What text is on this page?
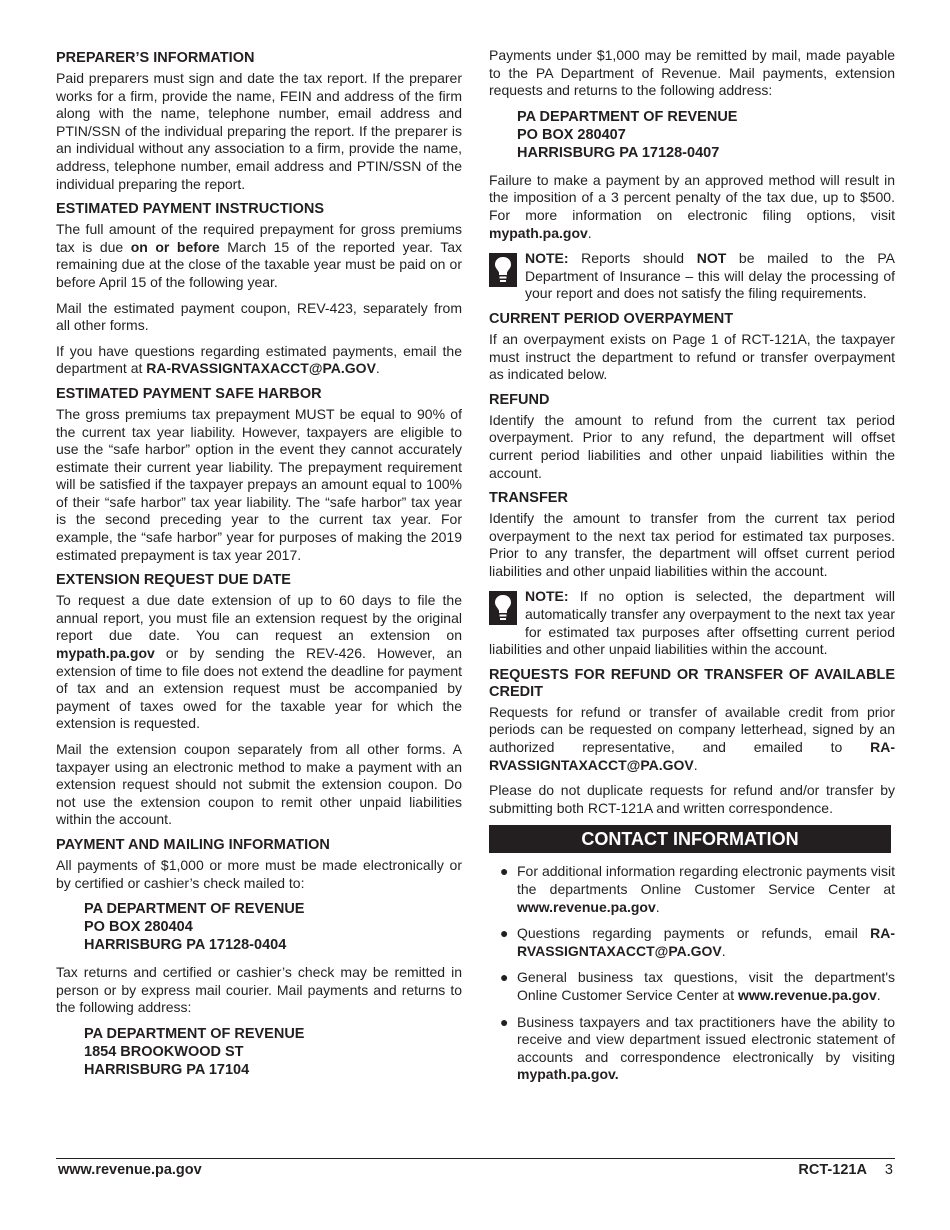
PREPARER’S INFORMATION

Paid preparers must sign and date the tax report. If the preparer works for a firm, provide the name, FEIN and address of the firm along with the name, telephone number, email address and PTIN/SSN of the individual preparing the report. If the preparer is an individual without any association to a firm, provide the name, address, telephone number, email address and PTIN/SSN of the individual preparing the report.

ESTIMATED PAYMENT INSTRUCTIONS

The full amount of the required prepayment for gross premiums tax is due on or before March 15 of the reported year. Tax remaining due at the close of the taxable year must be paid on or before April 15 of the following year.

Mail the estimated payment coupon, REV-423, separately from all other forms.

If you have questions regarding estimated payments, email the department at RA-RVASSIGNTAXACCT@PA.GOV.

ESTIMATED PAYMENT SAFE HARBOR

The gross premiums tax prepayment MUST be equal to 90% of the current tax year liability. However, taxpayers are eligible to use the “safe harbor” option in the event they cannot accurately estimate their current year liability. The prepayment requirement will be satisfied if the taxpayer prepays an amount equal to 100% of their “safe harbor” tax year liability. The “safe harbor” tax year is the second preceding year to the current tax year. For example, the “safe harbor” year for purposes of making the 2019 estimated prepayment is tax year 2017.

EXTENSION REQUEST DUE DATE

To request a due date extension of up to 60 days to file the annual report, you must file an extension request by the original report due date. You can request an extension on mypath.pa.gov or by sending the REV-426. However, an extension of time to file does not extend the deadline for payment of tax and an extension request must be accompanied by payment of taxes owed for the taxable year for which the extension is requested.

Mail the extension coupon separately from all other forms. A taxpayer using an electronic method to make a payment with an extension request should not submit the extension coupon. Do not use the extension coupon to remit other unpaid liabilities within the account.

PAYMENT AND MAILING INFORMATION

All payments of $1,000 or more must be made electronically or by certified or cashier’s check mailed to:

PA DEPARTMENT OF REVENUE
PO BOX 280404
HARRISBURG PA 17128-0404

Tax returns and certified or cashier’s check may be remitted in person or by express mail courier. Mail payments and returns to the following address:

PA DEPARTMENT OF REVENUE
1854 BROOKWOOD ST
HARRISBURG PA 17104

Payments under $1,000 may be remitted by mail, made payable to the PA Department of Revenue. Mail payments, extension requests and returns to the following address:

PA DEPARTMENT OF REVENUE
PO BOX 280407
HARRISBURG PA 17128-0407

Failure to make a payment by an approved method will result in the imposition of a 3 percent penalty of the tax due, up to $500. For more information on electronic filing options, visit mypath.pa.gov.

NOTE: Reports should NOT be mailed to the PA Department of Insurance – this will delay the processing of your report and does not satisfy the filing requirements.

CURRENT PERIOD OVERPAYMENT

If an overpayment exists on Page 1 of RCT-121A, the taxpayer must instruct the department to refund or transfer overpayment as indicated below.

REFUND

Identify the amount to refund from the current tax period overpayment. Prior to any refund, the department will offset current period liabilities and other unpaid liabilities within the account.

TRANSFER

Identify the amount to transfer from the current tax period overpayment to the next tax period for estimated tax purposes. Prior to any transfer, the department will offset current period liabilities and other unpaid liabilities within the account.

NOTE: If no option is selected, the department will automatically transfer any overpayment to the next tax year for estimated tax purposes after offsetting current period liabilities and other unpaid liabilities within the account.

REQUESTS FOR REFUND OR TRANSFER OF AVAILABLE CREDIT

Requests for refund or transfer of available credit from prior periods can be requested on company letterhead, signed by an authorized representative, and emailed to RA-RVASSIGNTAXACCT@PA.GOV.

Please do not duplicate requests for refund and/or transfer by submitting both RCT-121A and written correspondence.

CONTACT INFORMATION
● For additional information regarding electronic payments visit the departments Online Customer Service Center at www.revenue.pa.gov.

● Questions regarding payments or refunds, email RA-RVASSIGNTAXACCT@PA.GOV.

● General business tax questions, visit the department's Online Customer Service Center at www.revenue.pa.gov.

● Business taxpayers and tax practitioners have the ability to receive and view department issued electronic statement of accounts and correspondence electronically by visiting mypath.pa.gov.

www.revenue.pa.gov	RCT-121A 3
